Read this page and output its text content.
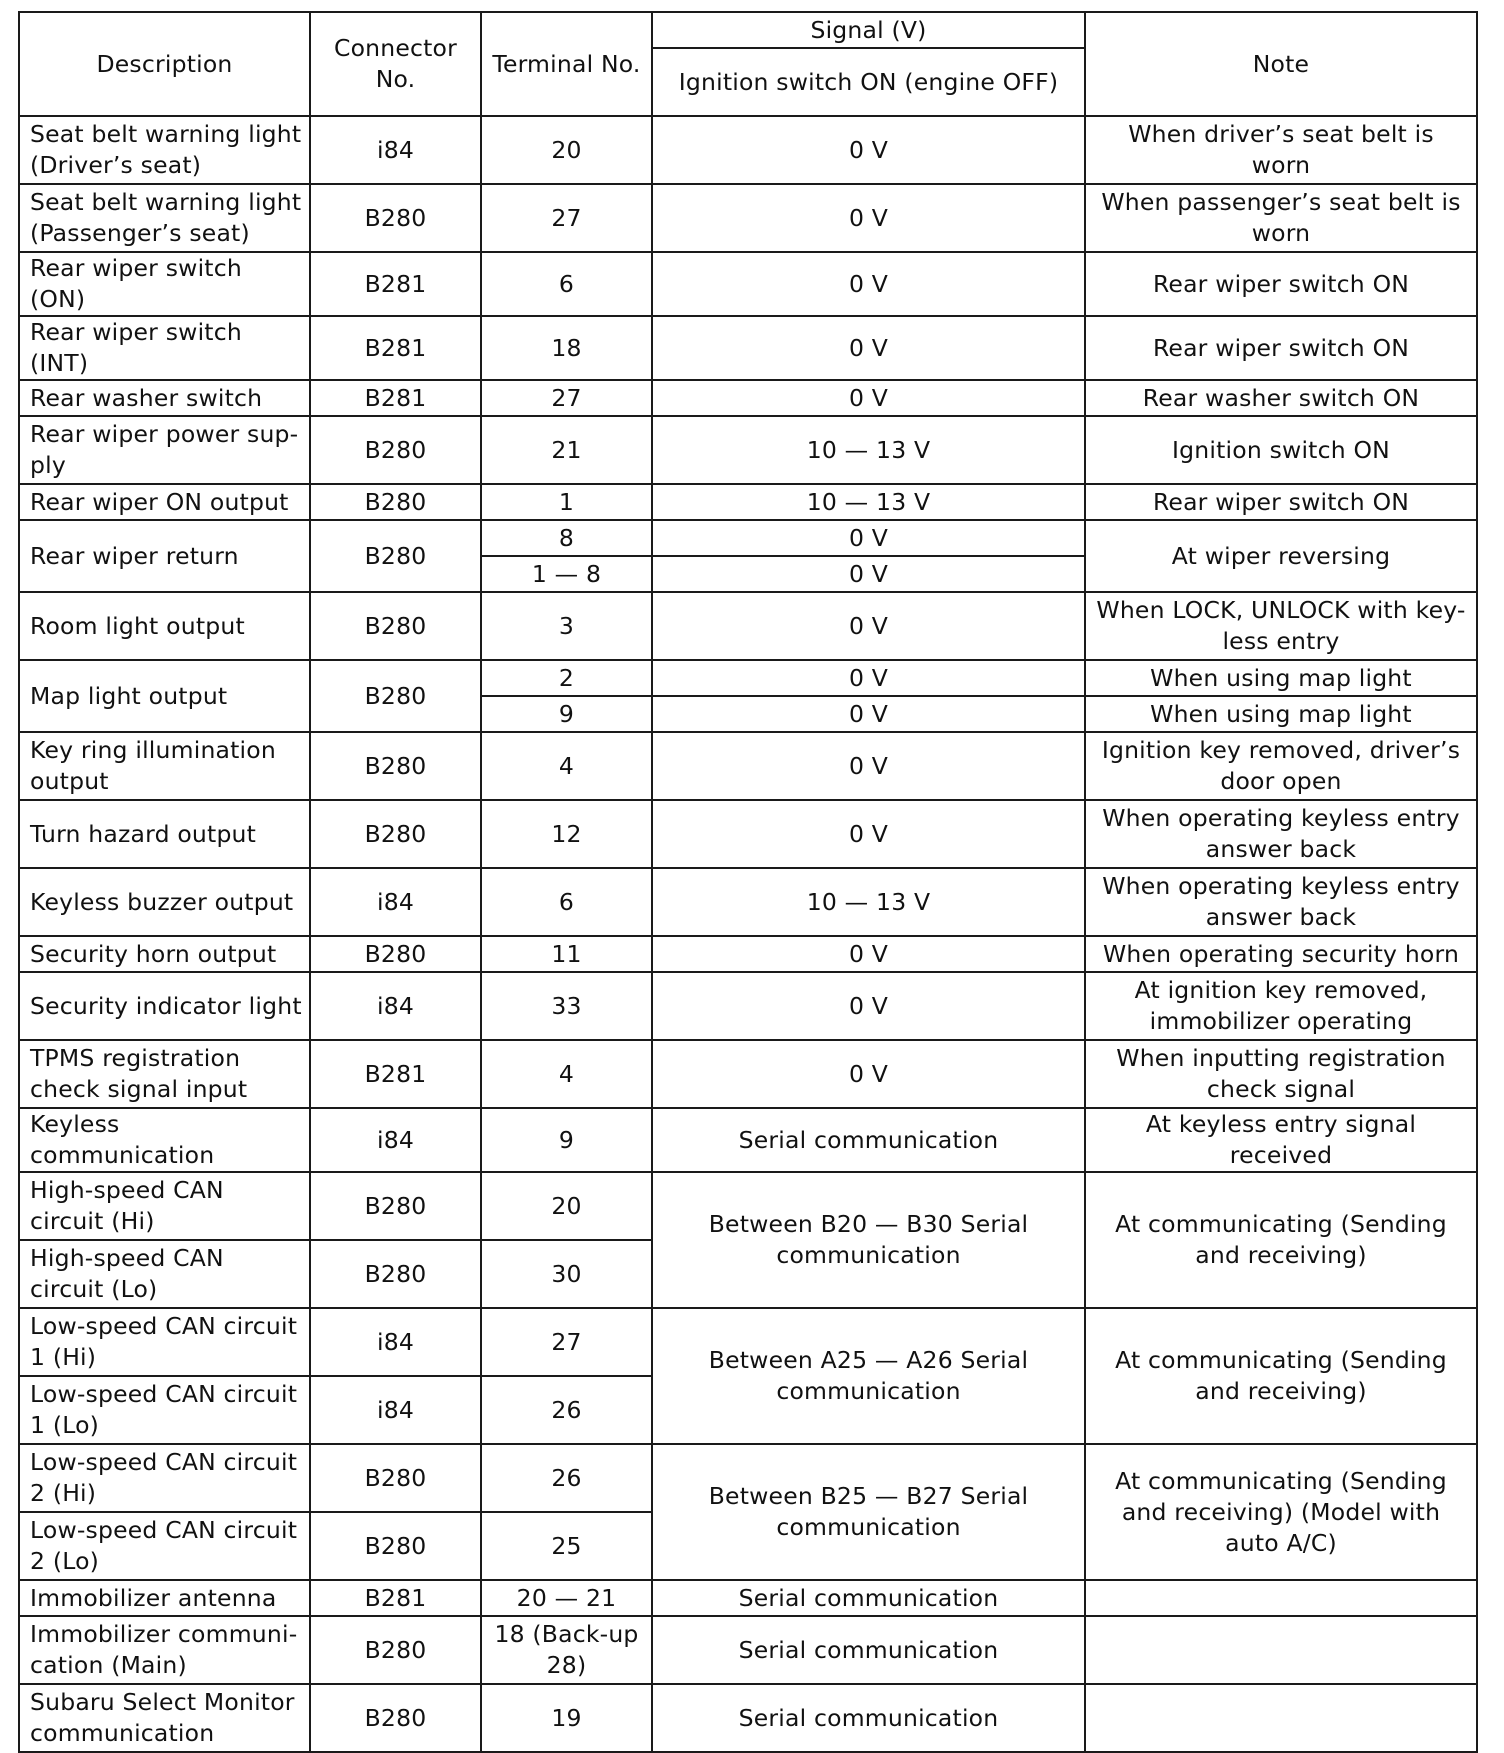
Description	Connector No.	Terminal No.	Signal (V)	Note
			Ignition switch ON (engine OFF)	
Seat belt warning light (Driver’s seat)	i84	20	0 V	When driver’s seat belt is worn
Seat belt warning light (Passenger’s seat)	B280	27	0 V	When passenger’s seat belt is worn
Rear wiper switch (ON)	B281	6	0 V	Rear wiper switch ON
Rear wiper switch (INT)	B281	18	0 V	Rear wiper switch ON
Rear washer switch	B281	27	0 V	Rear washer switch ON
Rear wiper power sup-ply	B280	21	10 — 13 V	Ignition switch ON
Rear wiper ON output	B280	1	10 — 13 V	Rear wiper switch ON
Rear wiper return	B280	8	0 V	At wiper reversing
		1 — 8	0 V	
Room light output	B280	3	0 V	When LOCK, UNLOCK with key-less entry
Map light output	B280	2	0 V	When using map light
		9	0 V	When using map light
Key ring illumination output	B280	4	0 V	Ignition key removed, driver’s door open
Turn hazard output	B280	12	0 V	When operating keyless entry answer back
Keyless buzzer output	i84	6	10 — 13 V	When operating keyless entry answer back
Security horn output	B280	11	0 V	When operating security horn
Security indicator light	i84	33	0 V	At ignition key removed, immobilizer operating
TPMS registration check signal input	B281	4	0 V	When inputting registration check signal
Keyless communication	i84	9	Serial communication	At keyless entry signal received
High-speed CAN circuit (Hi)	B280	20	Between B20 — B30 Serial communication	At communicating (Sending and receiving)
High-speed CAN circuit (Lo)	B280	30		
Low-speed CAN circuit 1 (Hi)	i84	27	Between A25 — A26 Serial communication	At communicating (Sending and receiving)
Low-speed CAN circuit 1 (Lo)	i84	26		
Low-speed CAN circuit 2 (Hi)	B280	26	Between B25 — B27 Serial communication	At communicating (Sending and receiving) (Model with auto A/C)
Low-speed CAN circuit 2 (Lo)	B280	25		
Immobilizer antenna	B281	20 — 21	Serial communication	
Immobilizer communi-cation (Main)	B280	18 (Back-up 28)	Serial communication	
Subaru Select Monitor communication	B280	19	Serial communication	
